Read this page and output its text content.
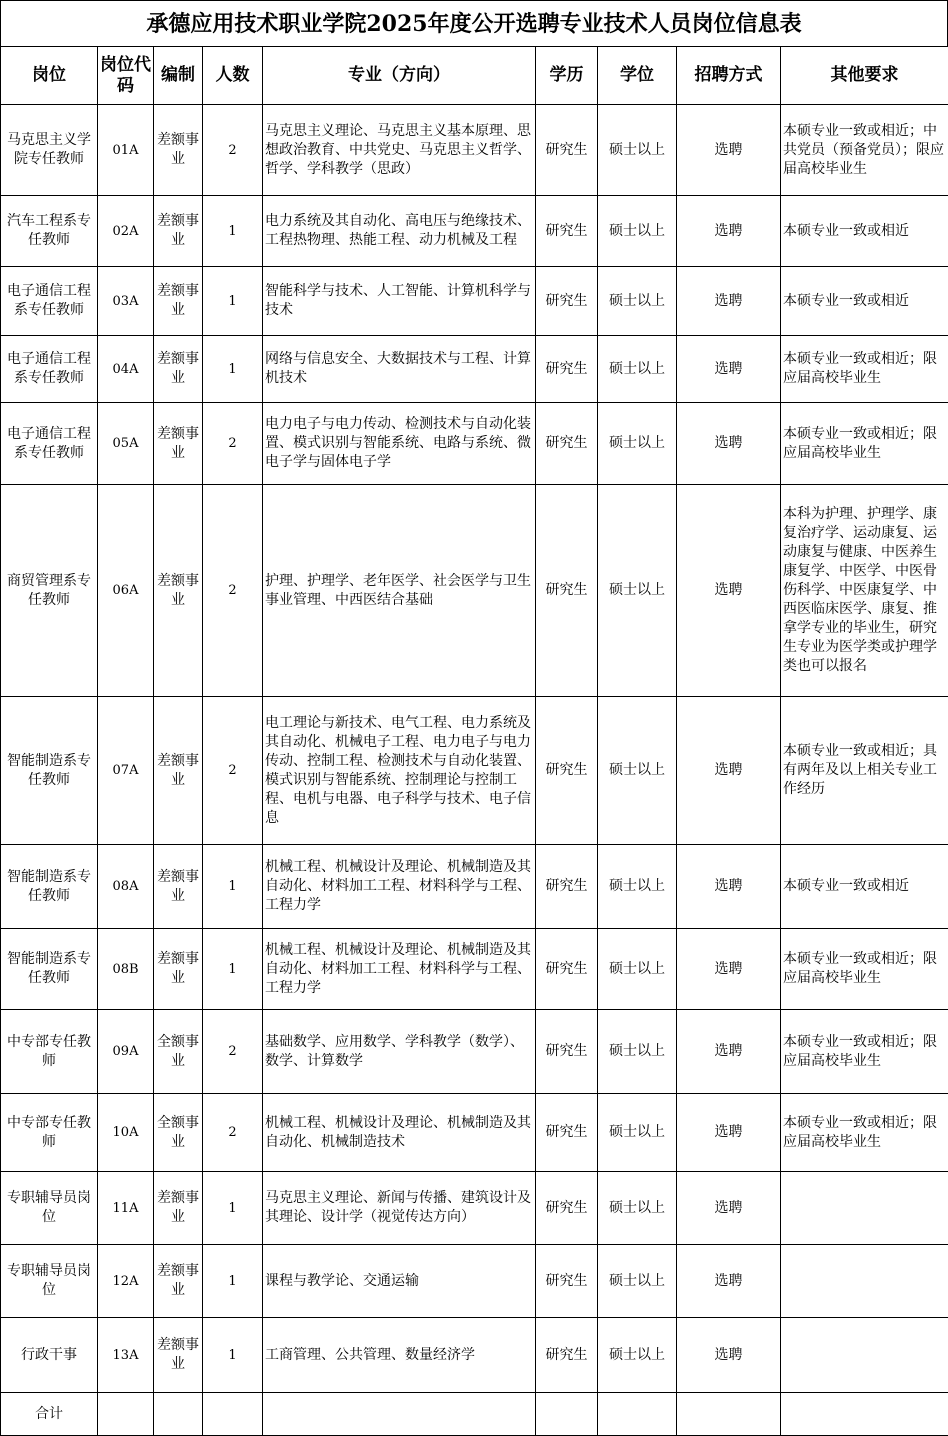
承德应用技术职业学院2025年度公开选聘专业技术人员岗位信息表
岗位	岗位代码	编制	人数	专业（方向）	学历	学位	招聘方式	其他要求
马克思主义学院专任教师	01A	差额事业	2	马克思主义理论、马克思主义基本原理、思想政治教育、中共党史、马克思主义哲学、哲学、学科教学（思政）	研究生	硕士以上	选聘	本硕专业一致或相近；中共党员（预备党员）；限应届高校毕业生
汽车工程系专任教师	02A	差额事业	1	电力系统及其自动化、高电压与绝缘技术、工程热物理、热能工程、动力机械及工程	研究生	硕士以上	选聘	本硕专业一致或相近
电子通信工程系专任教师	03A	差额事业	1	智能科学与技术、人工智能、计算机科学与技术	研究生	硕士以上	选聘	本硕专业一致或相近
电子通信工程系专任教师	04A	差额事业	1	网络与信息安全、大数据技术与工程、计算机技术	研究生	硕士以上	选聘	本硕专业一致或相近；限应届高校毕业生
电子通信工程系专任教师	05A	差额事业	2	电力电子与电力传动、检测技术与自动化装置、模式识别与智能系统、电路与系统、微电子学与固体电子学	研究生	硕士以上	选聘	本硕专业一致或相近；限应届高校毕业生
商贸管理系专任教师	06A	差额事业	2	护理、护理学、老年医学、社会医学与卫生事业管理、中西医结合基础	研究生	硕士以上	选聘	本科为护理、护理学、康复治疗学、运动康复、运动康复与健康、中医养生康复学、中医学、中医骨伤科学、中医康复学、中西医临床医学、康复、推拿学专业的毕业生，研究生专业为医学类或护理学类也可以报名
智能制造系专任教师	07A	差额事业	2	电工理论与新技术、电气工程、电力系统及其自动化、机械电子工程、电力电子与电力传动、控制工程、检测技术与自动化装置、模式识别与智能系统、控制理论与控制工程、电机与电器、电子科学与技术、电子信息	研究生	硕士以上	选聘	本硕专业一致或相近；具有两年及以上相关专业工作经历
智能制造系专任教师	08A	差额事业	1	机械工程、机械设计及理论、机械制造及其自动化、材料加工工程、材料科学与工程、工程力学	研究生	硕士以上	选聘	本硕专业一致或相近
智能制造系专任教师	08B	差额事业	1	机械工程、机械设计及理论、机械制造及其自动化、材料加工工程、材料科学与工程、工程力学	研究生	硕士以上	选聘	本硕专业一致或相近；限应届高校毕业生
中专部专任教师	09A	全额事业	2	基础数学、应用数学、学科教学（数学）、数学、计算数学	研究生	硕士以上	选聘	本硕专业一致或相近；限应届高校毕业生
中专部专任教师	10A	全额事业	2	机械工程、机械设计及理论、机械制造及其自动化、机械制造技术	研究生	硕士以上	选聘	本硕专业一致或相近；限应届高校毕业生
专职辅导员岗位	11A	差额事业	1	马克思主义理论、新闻与传播、建筑设计及其理论、设计学（视觉传达方向）	研究生	硕士以上	选聘	
专职辅导员岗位	12A	差额事业	1	课程与教学论、交通运输	研究生	硕士以上	选聘	
行政干事	13A	差额事业	1	工商管理、公共管理、数量经济学	研究生	硕士以上	选聘	
合计								
